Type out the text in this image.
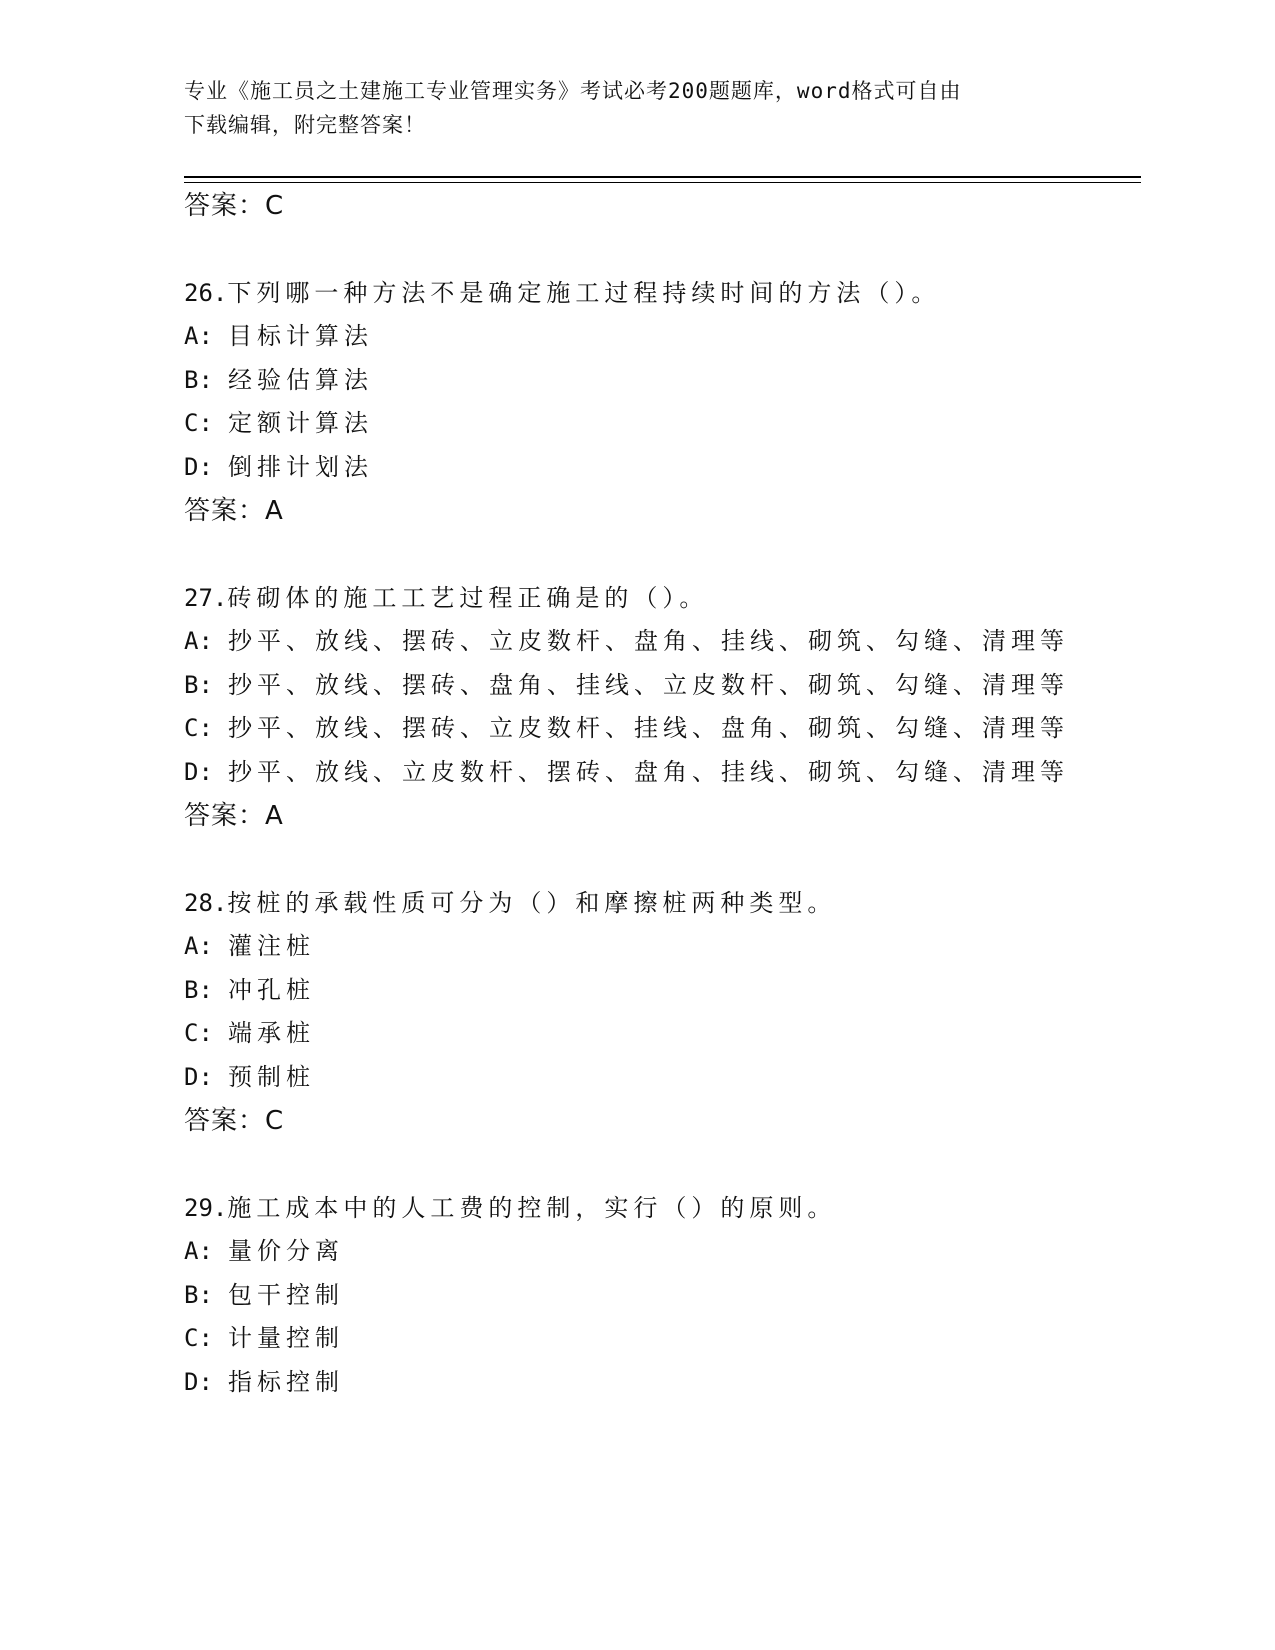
专业《施工员之土建施工专业管理实务》考试必考200题题库，word格式可自由
下载编辑，附完整答案！
答案：C
26.下列哪一种方法不是确定施工过程持续时间的方法（）。
A: 目标计算法
B: 经验估算法
C: 定额计算法
D: 倒排计划法
答案：A
27.砖砌体的施工工艺过程正确是的（）。
A: 抄平、放线、摆砖、立皮数杆、盘角、挂线、砌筑、勾缝、清理等
B: 抄平、放线、摆砖、盘角、挂线、立皮数杆、砌筑、勾缝、清理等
C: 抄平、放线、摆砖、立皮数杆、挂线、盘角、砌筑、勾缝、清理等
D: 抄平、放线、立皮数杆、摆砖、盘角、挂线、砌筑、勾缝、清理等
答案：A
28.按桩的承载性质可分为（）和摩擦桩两种类型。
A: 灌注桩
B: 冲孔桩
C: 端承桩
D: 预制桩
答案：C
29.施工成本中的人工费的控制，实行（）的原则。
A: 量价分离
B: 包干控制
C: 计量控制
D: 指标控制
